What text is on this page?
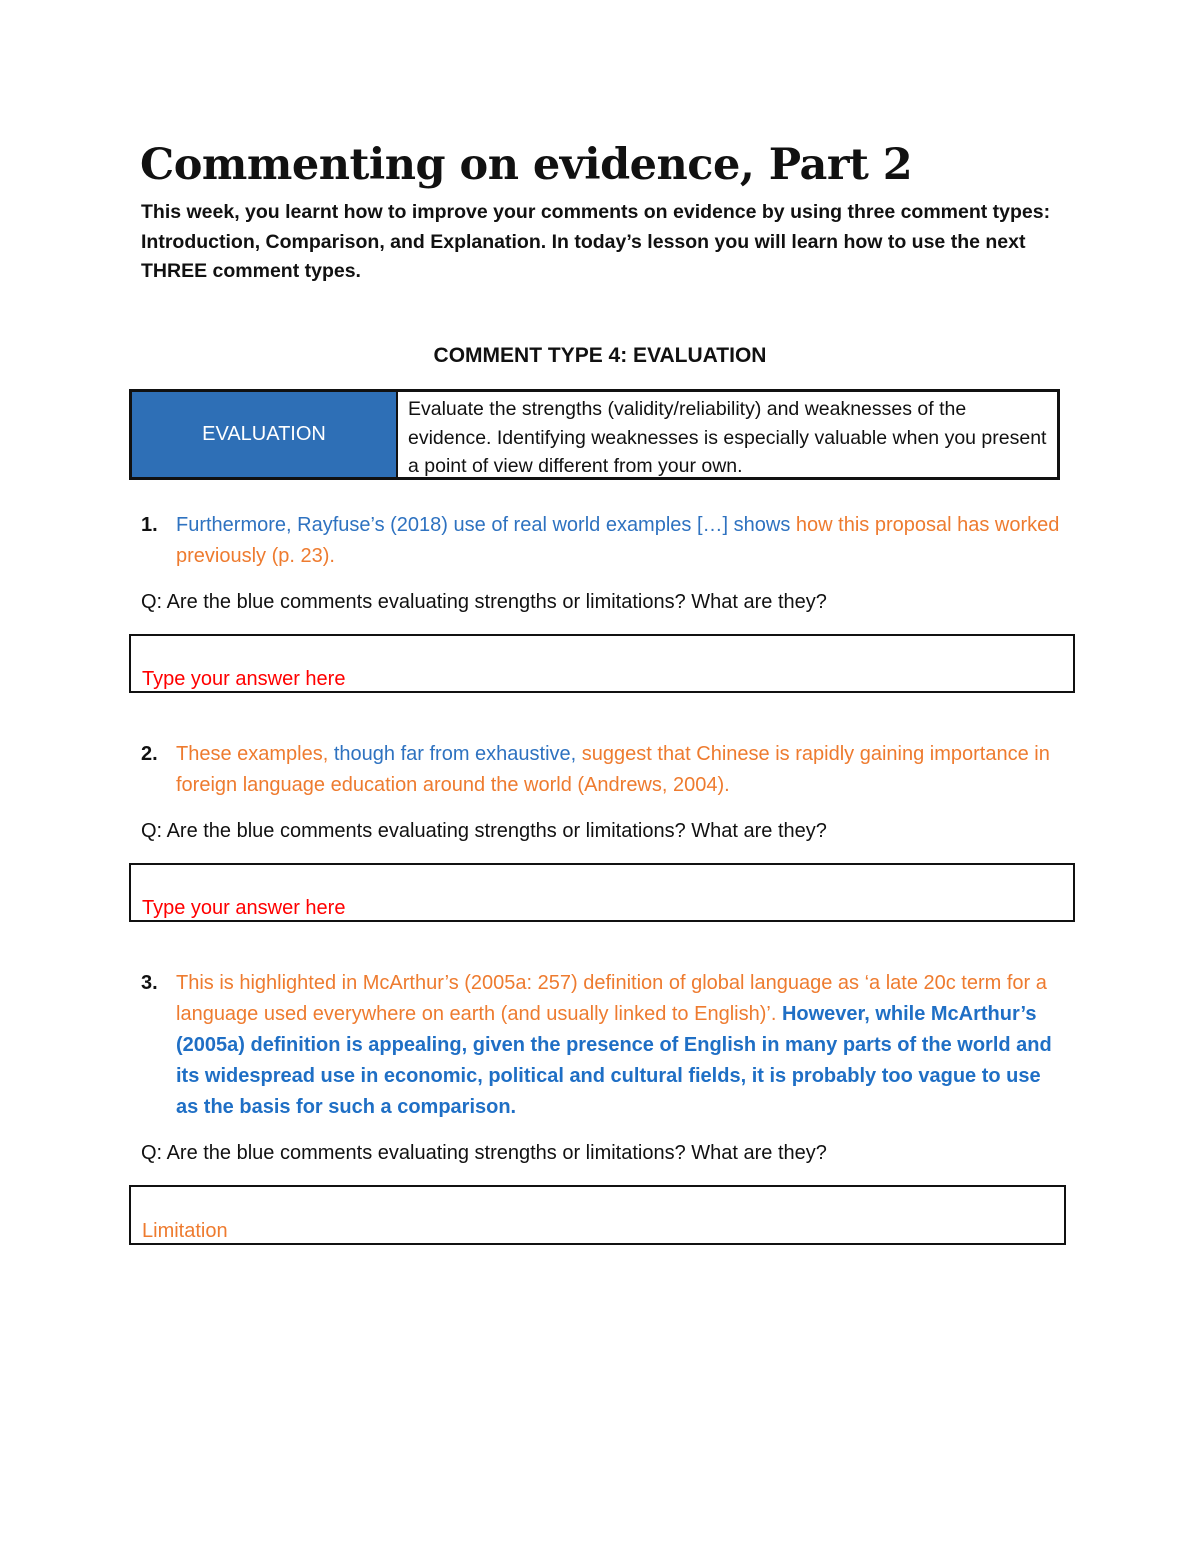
Commenting on evidence, Part 2

This week, you learnt how to improve your comments on evidence by using three comment types: Introduction, Comparison, and Explanation. In today’s lesson you will learn how to use the next THREE comment types.

COMMENT TYPE 4: EVALUATION
EVALUATION
Evaluate the strengths (validity/reliability) and weaknesses of the evidence. Identifying weaknesses is especially valuable when you present a point of view different from your own.

1. Furthermore, Rayfuse’s (2018) use of real world examples […] shows how this proposal has worked previously (p. 23).

Q: Are the blue comments evaluating strengths or limitations? What are they?

Type your answer here

2. These examples, though far from exhaustive, suggest that Chinese is rapidly gaining importance in foreign language education around the world (Andrews, 2004).

Q: Are the blue comments evaluating strengths or limitations? What are they?

Type your answer here

3. This is highlighted in McArthur’s (2005a: 257) definition of global language as ‘a late 20c term for a language used everywhere on earth (and usually linked to English)’. However, while McArthur’s (2005a) definition is appealing, given the presence of English in many parts of the world and its widespread use in economic, political and cultural fields, it is probably too vague to use as the basis for such a comparison.

Q: Are the blue comments evaluating strengths or limitations? What are they?

Limitation
